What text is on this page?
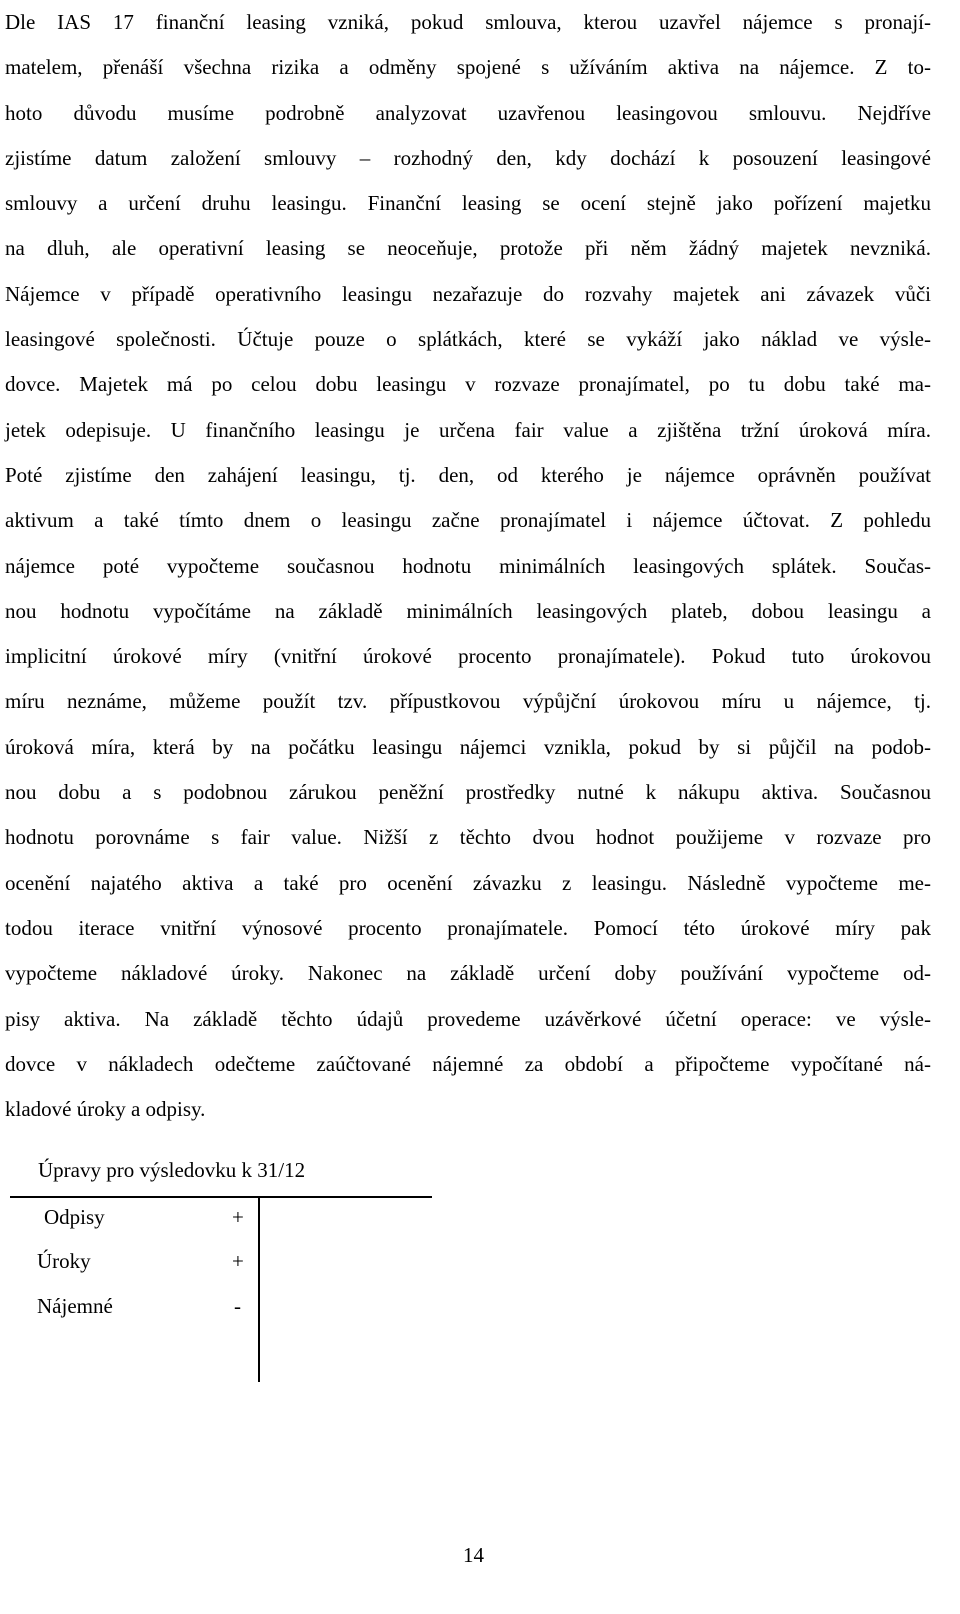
Dle IAS 17 finanční leasing vzniká, pokud smlouva, kterou uzavřel nájemce s pronají-
matelem, přenáší všechna rizika a odměny spojené s užíváním aktiva na nájemce. Z to-
hoto důvodu musíme podrobně analyzovat uzavřenou leasingovou smlouvu. Nejdříve
zjistíme datum založení smlouvy – rozhodný den, kdy dochází k posouzení leasingové
smlouvy a určení druhu leasingu. Finanční leasing se ocení stejně jako pořízení majetku
na dluh, ale operativní leasing se neoceňuje, protože při něm žádný majetek nevzniká.
Nájemce v případě operativního leasingu nezařazuje do rozvahy majetek ani závazek vůči
leasingové společnosti. Účtuje pouze o splátkách, které se vykáží jako náklad ve výsle-
dovce. Majetek má po celou dobu leasingu v rozvaze pronajímatel, po tu dobu také ma-
jetek odepisuje. U finančního leasingu je určena fair value a zjištěna tržní úroková míra.
Poté zjistíme den zahájení leasingu, tj. den, od kterého je nájemce oprávněn používat
aktivum a také tímto dnem o leasingu začne pronajímatel i nájemce účtovat. Z pohledu
nájemce poté vypočteme současnou hodnotu minimálních leasingových splátek. Součas-
nou hodnotu vypočítáme na základě minimálních leasingových plateb, dobou leasingu a
implicitní úrokové míry (vnitřní úrokové procento pronajímatele). Pokud tuto úrokovou
míru neznáme, můžeme použít tzv. přípustkovou výpůjční úrokovou míru u nájemce, tj.
úroková míra, která by na počátku leasingu nájemci vznikla, pokud by si půjčil na podob-
nou dobu a s podobnou zárukou peněžní prostředky nutné k nákupu aktiva. Současnou
hodnotu porovnáme s fair value. Nižší z těchto dvou hodnot použijeme v rozvaze pro
ocenění najatého aktiva a také pro ocenění závazku z leasingu. Následně vypočteme me-
todou iterace vnitřní výnosové procento pronajímatele. Pomocí této úrokové míry pak
vypočteme nákladové úroky. Nakonec na základě určení doby používání vypočteme od-
pisy aktiva. Na základě těchto údajů provedeme uzávěrkové účetní operace: ve výsle-
dovce v nákladech odečteme zaúčtované nájemné za období a připočteme vypočítané ná-
kladové úroky a odpisy.

Úpravy pro výsledovku k 31/12

Odpisy	+
Úroky	+
Nájemné	-
14
